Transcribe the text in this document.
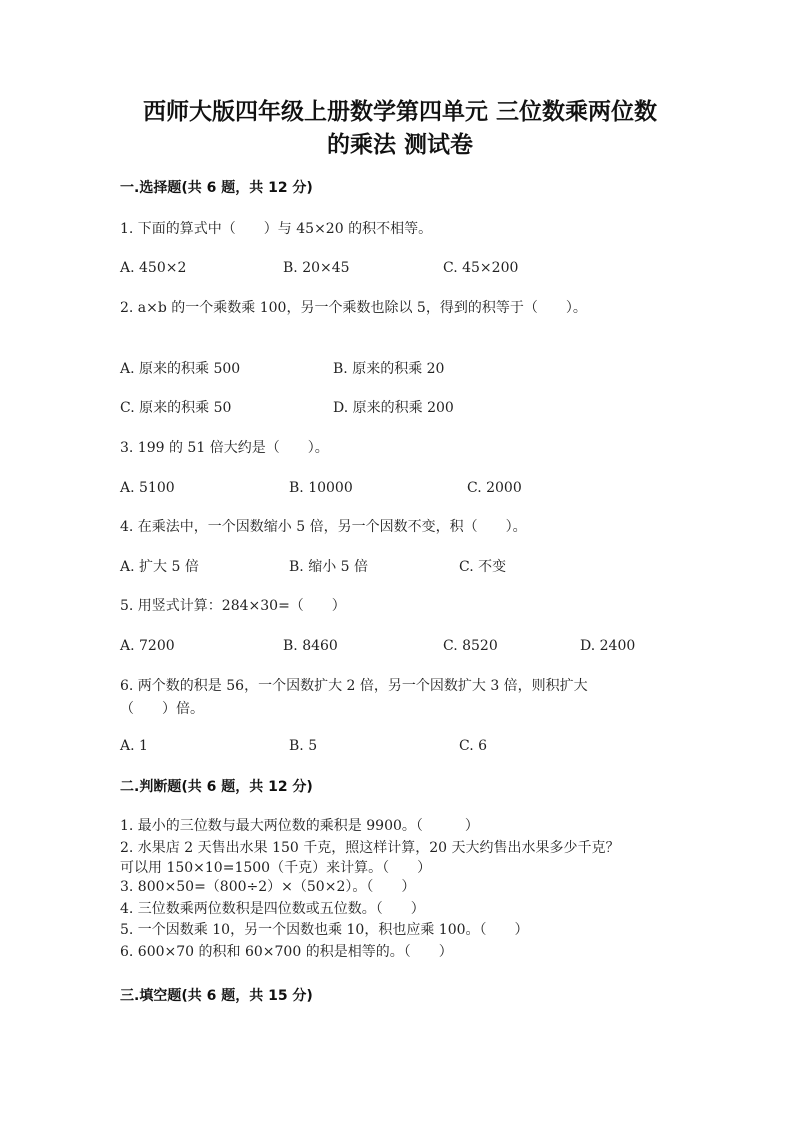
西师大版四年级上册数学第四单元 三位数乘两位数
的乘法 测试卷
一.选择题(共 6 题，共 12 分)
1. 下面的算式中（　　）与 45×20 的积不相等。
A. 450×2	B. 20×45	C. 45×200
2. a×b 的一个乘数乘 100，另一个乘数也除以 5，得到的积等于（　　）。
A. 原来的积乘 500	B. 原来的积乘 20
C. 原来的积乘 50	D. 原来的积乘 200
3. 199 的 51 倍大约是（　　）。
A. 5100	B. 10000	C. 2000
4. 在乘法中，一个因数缩小 5 倍，另一个因数不变，积（　　）。
A. 扩大 5 倍	B. 缩小 5 倍	C. 不变
5. 用竖式计算：284×30=（　　）
A. 7200	B. 8460	C. 8520	D. 2400
6. 两个数的积是 56，一个因数扩大 2 倍，另一个因数扩大 3 倍，则积扩大
（　　）倍。
A. 1	B. 5	C. 6
二.判断题(共 6 题，共 12 分)
1. 最小的三位数与最大两位数的乘积是 9900。（　　　）
2. 水果店 2 天售出水果 150 千克，照这样计算，20 天大约售出水果多少千克？
可以用 150×10=1500（千克）来计算。（　　）
3. 800×50=（800÷2）×（50×2）。（　　）
4. 三位数乘两位数积是四位数或五位数。（　　）
5. 一个因数乘 10，另一个因数也乘 10，积也应乘 100。（　　）
6. 600×70 的积和 60×700 的积是相等的。（　　）
三.填空题(共 6 题，共 15 分)
